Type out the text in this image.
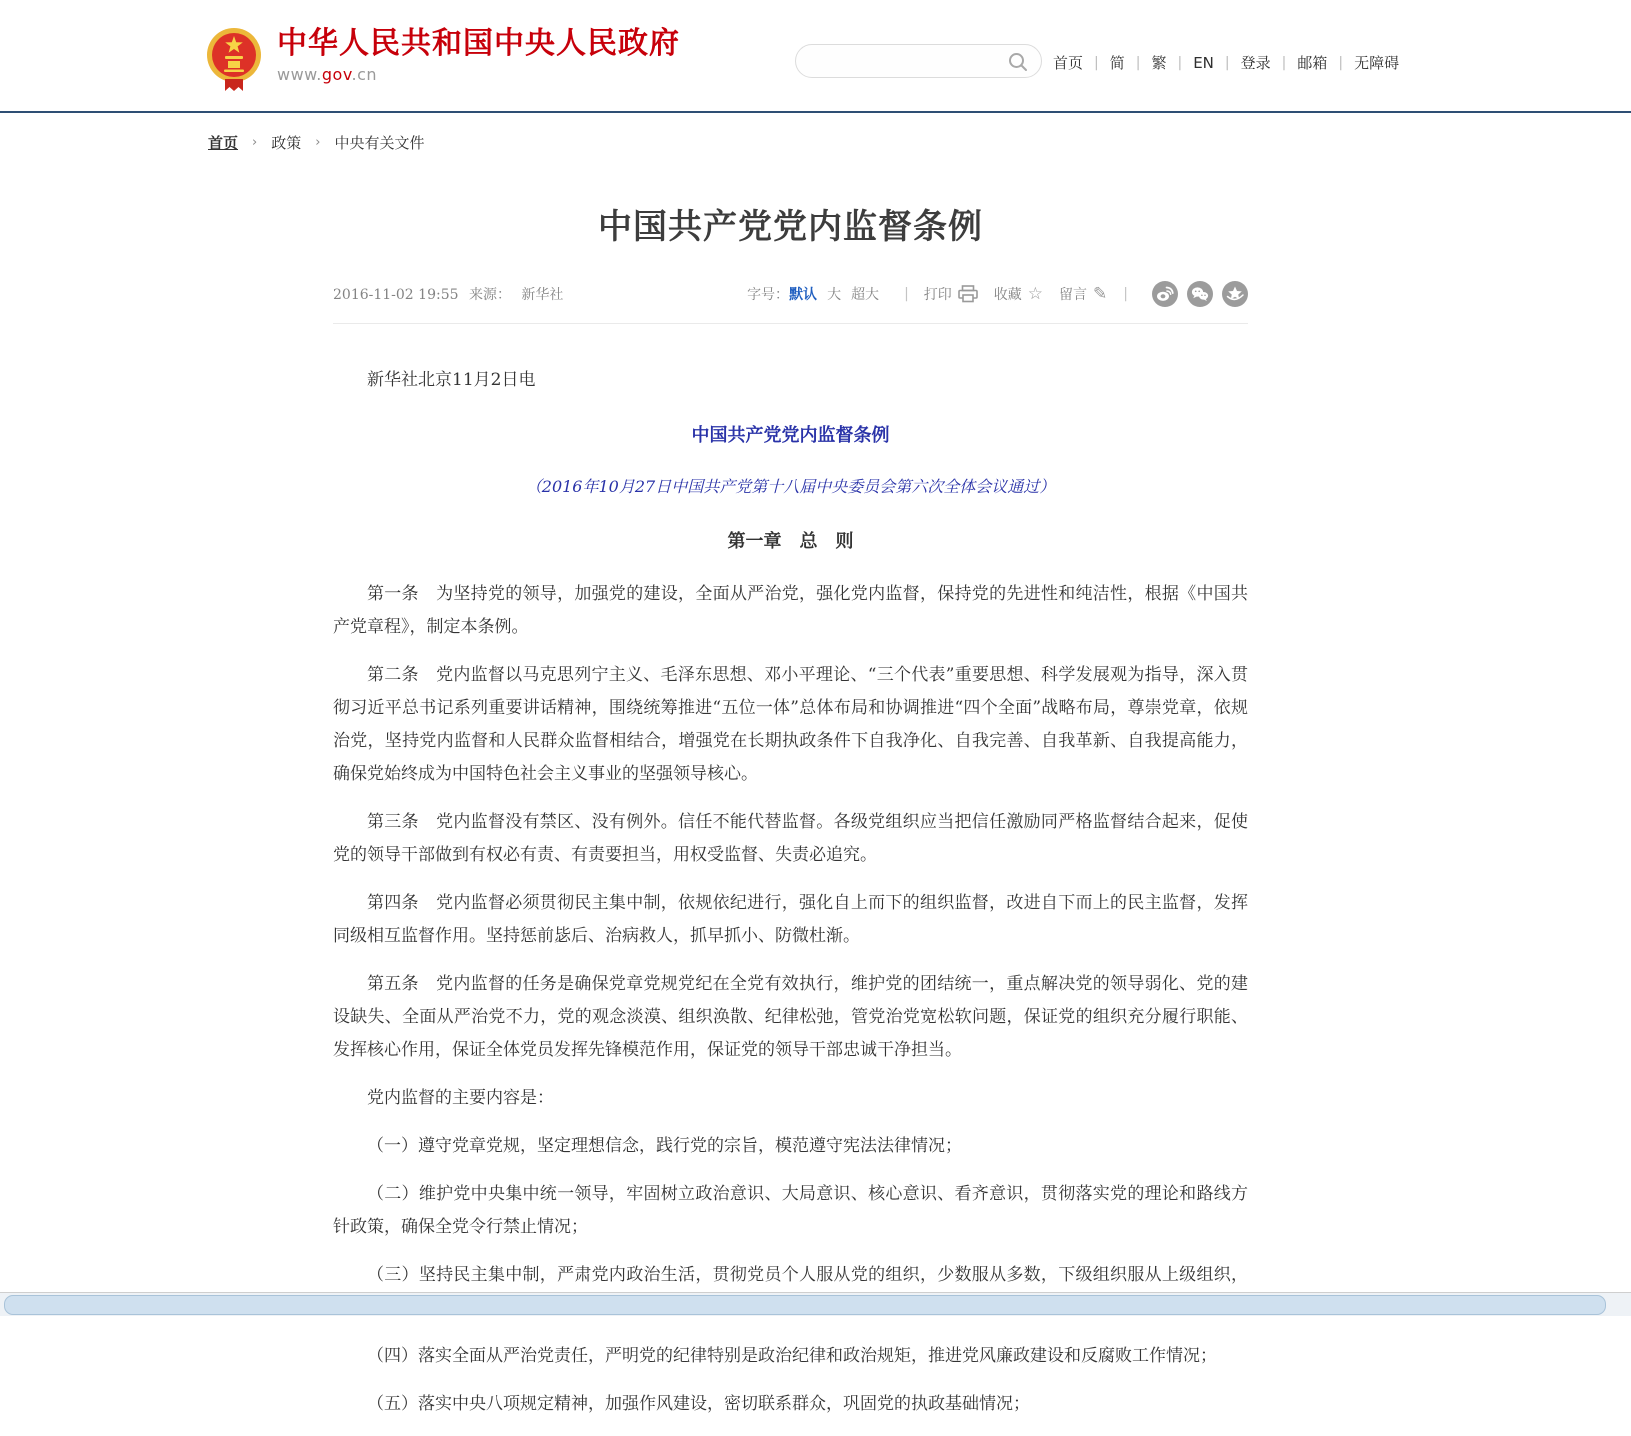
中华人民共和国中央人民政府
www.gov.cn
首页 | 简 | 繁 | EN | 登录 | 邮箱 | 无障碍
首页 › 政策 › 中央有关文件
中国共产党党内监督条例
2016-11-02 19:55 来源： 新华社	字号： 默认 大 超大 | 打印	收藏 ☆ 留言 ✎ |

新华社北京11月2日电

中国共产党党内监督条例

（2016年10月27日中国共产党第十八届中央委员会第六次全体会议通过）

第一章　总　则

第一条　为坚持党的领导，加强党的建设，全面从严治党，强化党内监督，保持党的先进性和纯洁性，根据《中国共产党章程》，制定本条例。

第二条　党内监督以马克思列宁主义、毛泽东思想、邓小平理论、“三个代表”重要思想、科学发展观为指导，深入贯彻习近平总书记系列重要讲话精神，围绕统筹推进“五位一体”总体布局和协调推进“四个全面”战略布局，尊崇党章，依规治党，坚持党内监督和人民群众监督相结合，增强党在长期执政条件下自我净化、自我完善、自我革新、自我提高能力，确保党始终成为中国特色社会主义事业的坚强领导核心。

第三条　党内监督没有禁区、没有例外。信任不能代替监督。各级党组织应当把信任激励同严格监督结合起来，促使党的领导干部做到有权必有责、有责要担当，用权受监督、失责必追究。

第四条　党内监督必须贯彻民主集中制，依规依纪进行，强化自上而下的组织监督，改进自下而上的民主监督，发挥同级相互监督作用。坚持惩前毖后、治病救人，抓早抓小、防微杜渐。

第五条　党内监督的任务是确保党章党规党纪在全党有效执行，维护党的团结统一，重点解决党的领导弱化、党的建设缺失、全面从严治党不力，党的观念淡漠、组织涣散、纪律松弛，管党治党宽松软问题，保证党的组织充分履行职能、发挥核心作用，保证全体党员发挥先锋模范作用，保证党的领导干部忠诚干净担当。

党内监督的主要内容是：

（一）遵守党章党规，坚定理想信念，践行党的宗旨，模范遵守宪法法律情况；

（二）维护党中央集中统一领导，牢固树立政治意识、大局意识、核心意识、看齐意识，贯彻落实党的理论和路线方针政策，确保全党令行禁止情况；

（三）坚持民主集中制，严肃党内政治生活，贯彻党员个人服从党的组织，少数服从多数，下级组织服从上级组织，

（四）落实全面从严治党责任，严明党的纪律特别是政治纪律和政治规矩，推进党风廉政建设和反腐败工作情况；

（五）落实中央八项规定精神，加强作风建设，密切联系群众，巩固党的执政基础情况；
